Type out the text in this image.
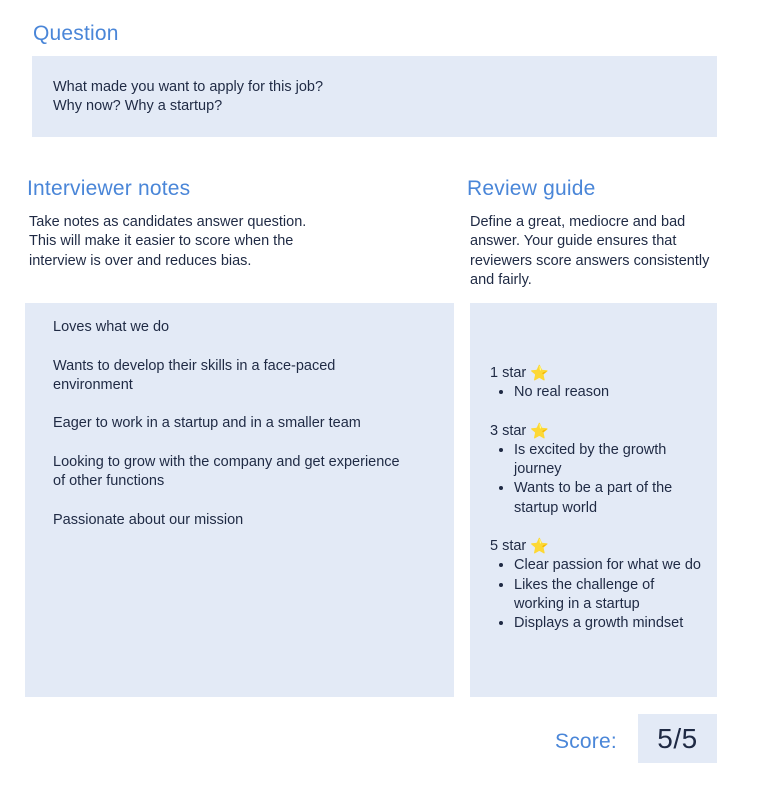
Question
What made you want to apply for this job?
Why now? Why a startup?
Interviewer notes
Take notes as candidates answer question.
This will make it easier to score when the
interview is over and reduces bias.
Review guide
Define a great, mediocre and bad answer. Your guide ensures that reviewers score answers consistently and fairly.
Loves what we do
Wants to develop their skills in a face-paced environment
Eager to work in a startup and in a smaller team
Looking to grow with the company and get experience of other functions
Passionate about our mission
1 star ⭐
• No real reason
3 star ⭐
• Is excited by the growth journey
• Wants to be a part of the startup world
5 star ⭐
• Clear passion for what we do
• Likes the challenge of working in a startup
• Displays a growth mindset
Score:	5/5
